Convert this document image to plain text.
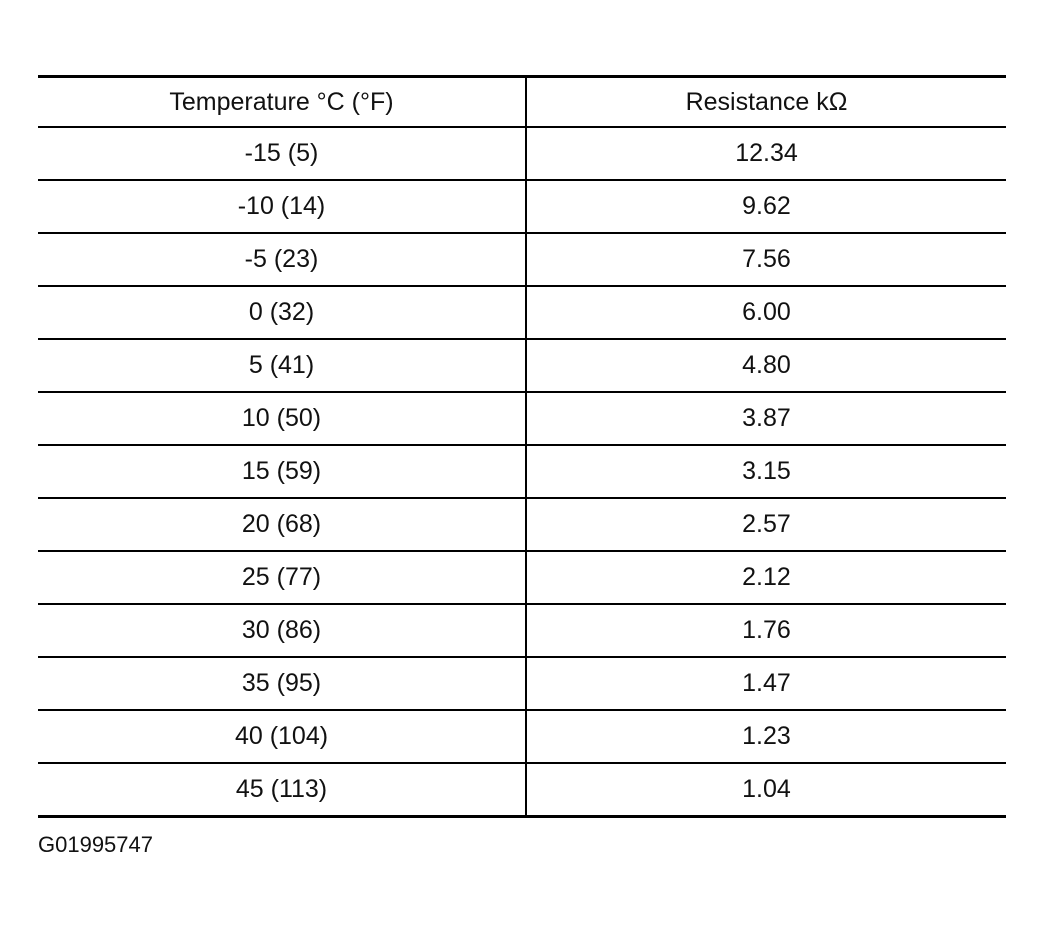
Temperature °C (°F)	Resistance kΩ
-15 (5)	12.34
-10 (14)	9.62
-5 (23)	7.56
0 (32)	6.00
5 (41)	4.80
10 (50)	3.87
15 (59)	3.15
20 (68)	2.57
25 (77)	2.12
30 (86)	1.76
35 (95)	1.47
40 (104)	1.23
45 (113)	1.04
G01995747
